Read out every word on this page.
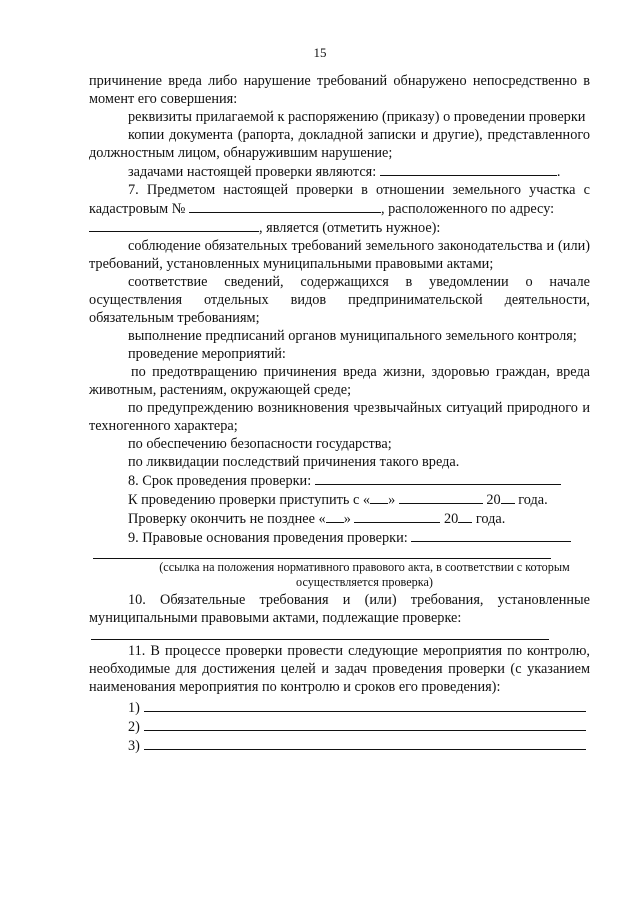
15

причинение вреда либо нарушение требований обнаружено непосредственно в момент его совершения:

реквизиты прилагаемой к распоряжению (приказу) о проведении проверки

копии документа (рапорта, докладной записки и другие), представленного должностным лицом, обнаружившим нарушение;

задачами настоящей проверки являются:	.

7. Предметом настоящей проверки в отношении земельного участка с кадастровым №	, расположенного по адресу:

, является (отметить нужное):

соблюдение обязательных требований земельного законодательства и (или) требований, установленных муниципальными правовыми актами;

соответствие сведений, содержащихся в уведомлении о начале осуществления отдельных видов предпринимательской деятельности, обязательным требованиям;

выполнение предписаний органов муниципального земельного контроля;

проведение мероприятий:

по предотвращению причинения вреда жизни, здоровью граждан, вреда животным, растениям, окружающей среде;

по предупреждению возникновения чрезвычайных ситуаций природного и техногенного характера;

по обеспечению безопасности государства;

по ликвидации последствий причинения такого вреда.

8. Срок проведения проверки:

К проведению проверки приступить с « »	20 года.

Проверку окончить не позднее « »	20 года.

9. Правовые основания проведения проверки:

(ссылка на положения нормативного правового акта, в соответствии с которым осуществляется проверка)

10. Обязательные требования и (или) требования, установленные муниципальными правовыми актами, подлежащие проверке:

11. В процессе проверки провести следующие мероприятия по контролю, необходимые для достижения целей и задач проведения проверки (с указанием наименования мероприятия по контролю и сроков его проведения):

1)
2)
3)
